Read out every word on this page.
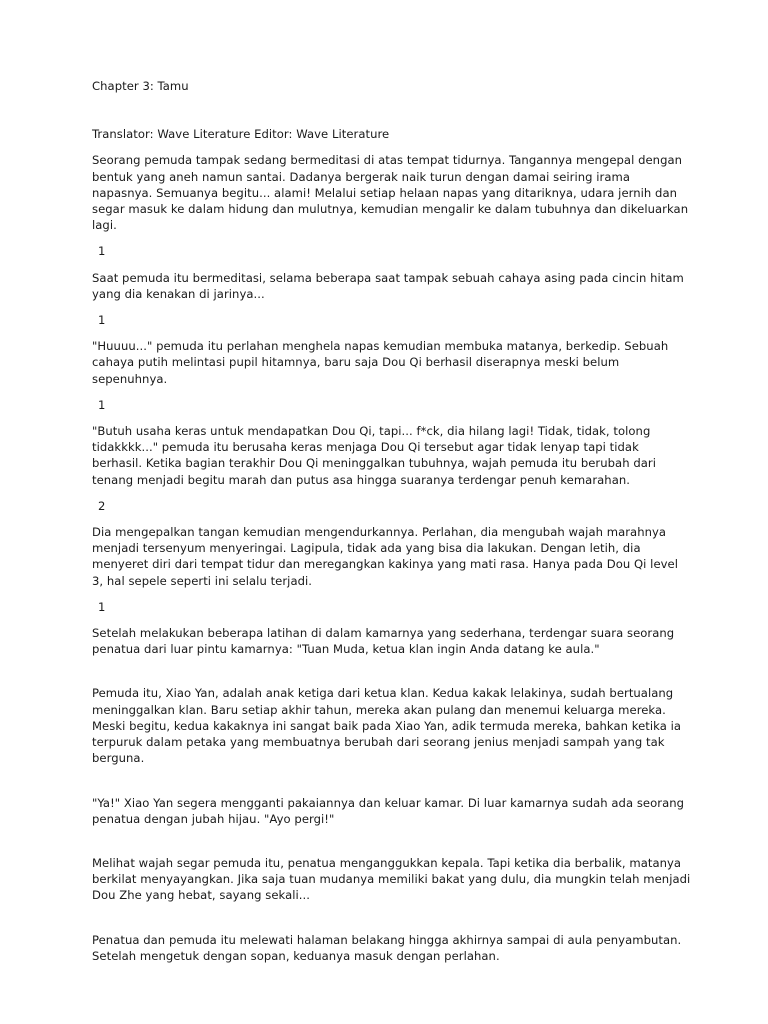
Chapter 3: Tamu

Translator: Wave Literature Editor: Wave Literature

Seorang pemuda tampak sedang bermeditasi di atas tempat tidurnya. Tangannya mengepal dengan bentuk yang aneh namun santai. Dadanya bergerak naik turun dengan damai seiring irama napasnya. Semuanya begitu... alami! Melalui setiap helaan napas yang ditariknya, udara jernih dan segar masuk ke dalam hidung dan mulutnya, kemudian mengalir ke dalam tubuhnya dan dikeluarkan lagi.

1

Saat pemuda itu bermeditasi, selama beberapa saat tampak sebuah cahaya asing pada cincin hitam yang dia kenakan di jarinya...

1

"Huuuu..." pemuda itu perlahan menghela napas kemudian membuka matanya, berkedip. Sebuah cahaya putih melintasi pupil hitamnya, baru saja Dou Qi berhasil diserapnya meski belum sepenuhnya.

1

"Butuh usaha keras untuk mendapatkan Dou Qi, tapi... f*ck, dia hilang lagi! Tidak, tidak, tolong tidakkkk..." pemuda itu berusaha keras menjaga Dou Qi tersebut agar tidak lenyap tapi tidak berhasil. Ketika bagian terakhir Dou Qi meninggalkan tubuhnya, wajah pemuda itu berubah dari tenang menjadi begitu marah dan putus asa hingga suaranya terdengar penuh kemarahan.

2

Dia mengepalkan tangan kemudian mengendurkannya. Perlahan, dia mengubah wajah marahnya menjadi tersenyum menyeringai. Lagipula, tidak ada yang bisa dia lakukan. Dengan letih, dia menyeret diri dari tempat tidur dan meregangkan kakinya yang mati rasa. Hanya pada Dou Qi level 3, hal sepele seperti ini selalu terjadi.

1

Setelah melakukan beberapa latihan di dalam kamarnya yang sederhana, terdengar suara seorang penatua dari luar pintu kamarnya: "Tuan Muda, ketua klan ingin Anda datang ke aula."

Pemuda itu, Xiao Yan, adalah anak ketiga dari ketua klan. Kedua kakak lelakinya, sudah bertualang meninggalkan klan. Baru setiap akhir tahun, mereka akan pulang dan menemui keluarga mereka. Meski begitu, kedua kakaknya ini sangat baik pada Xiao Yan, adik termuda mereka, bahkan ketika ia terpuruk dalam petaka yang membuatnya berubah dari seorang jenius menjadi sampah yang tak berguna.

"Ya!" Xiao Yan segera mengganti pakaiannya dan keluar kamar. Di luar kamarnya sudah ada seorang penatua dengan jubah hijau. "Ayo pergi!"

Melihat wajah segar pemuda itu, penatua menganggukkan kepala. Tapi ketika dia berbalik, matanya berkilat menyayangkan. Jika saja tuan mudanya memiliki bakat yang dulu, dia mungkin telah menjadi Dou Zhe yang hebat, sayang sekali...

Penatua dan pemuda itu melewati halaman belakang hingga akhirnya sampai di aula penyambutan. Setelah mengetuk dengan sopan, keduanya masuk dengan perlahan.
